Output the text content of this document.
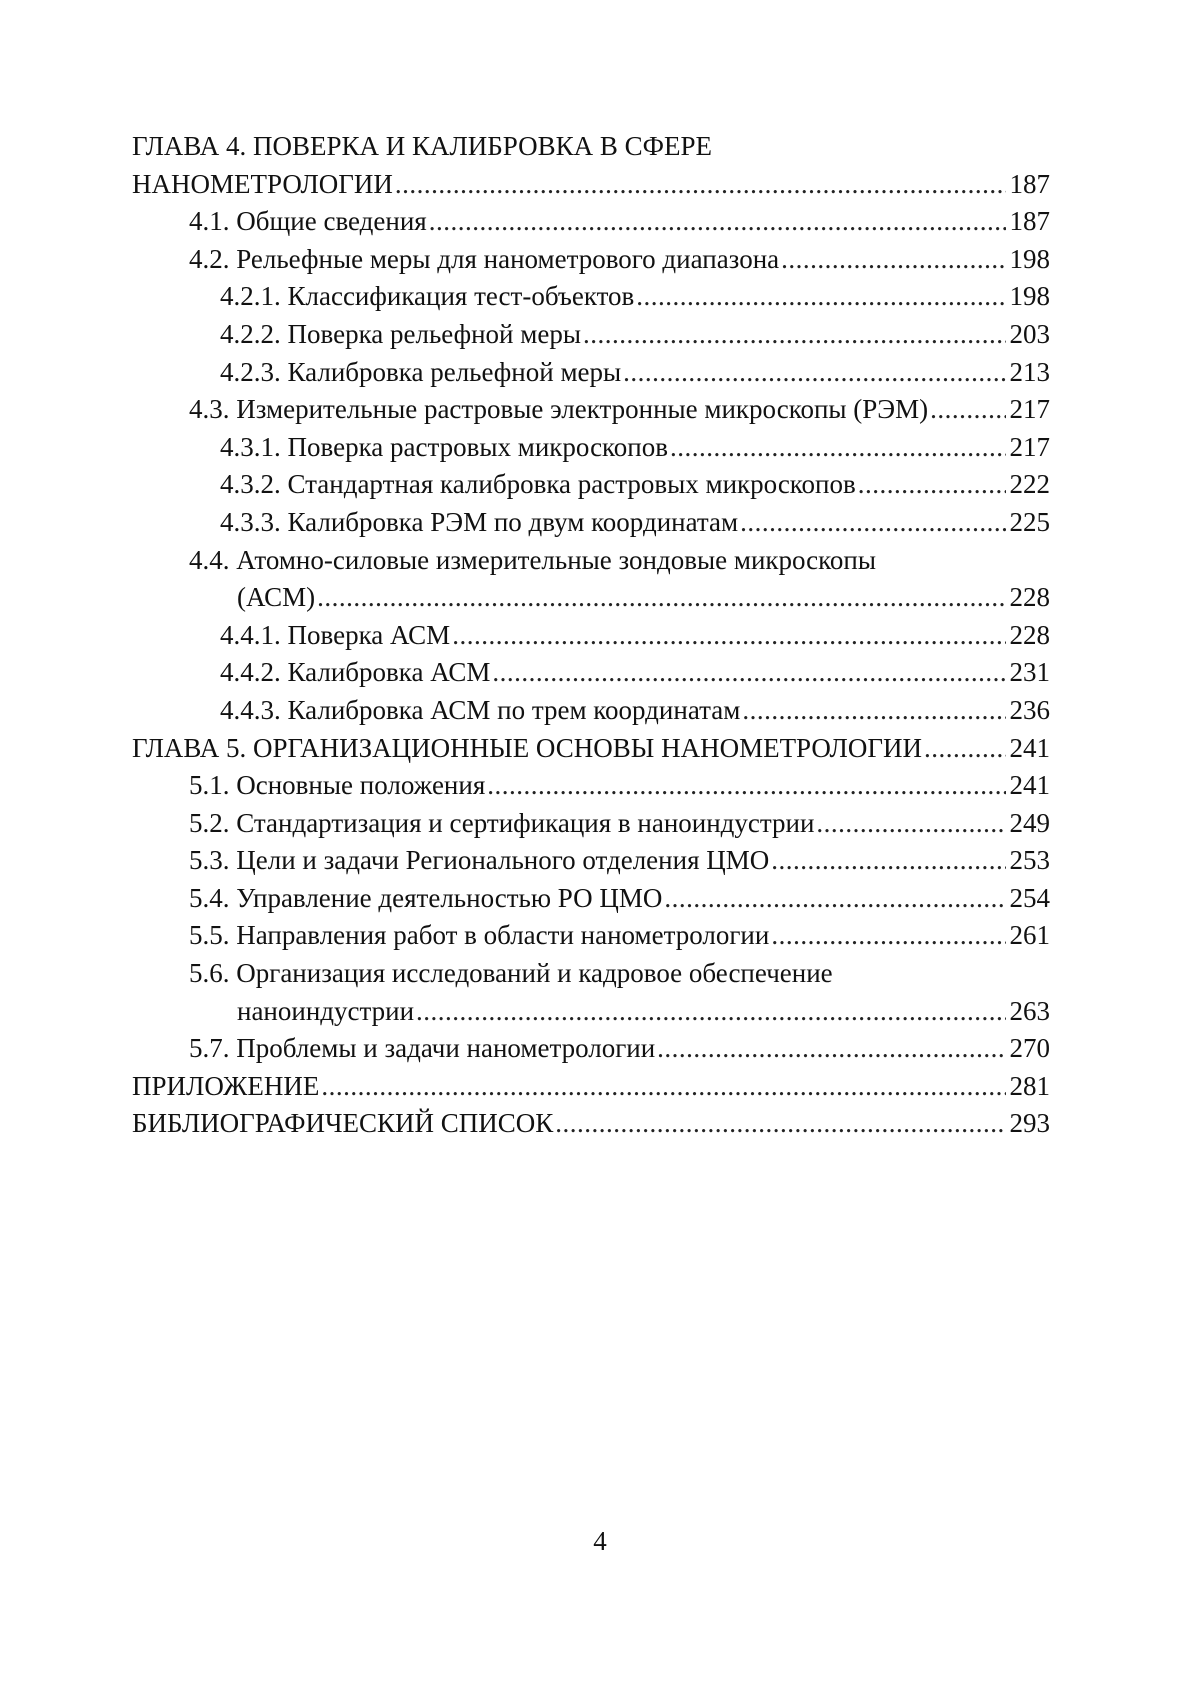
ГЛАВА 4. ПОВЕРКА И КАЛИБРОВКА В СФЕРЕ
НАНОМЕТРОЛОГИИ .....	187
4.1. Общие сведения .....	187
4.2. Рельефные меры для нанометрового диапазона .....	198
4.2.1. Классификация тест-объектов .....	198
4.2.2. Поверка рельефной меры .....	203
4.2.3. Калибровка рельефной меры .....	213
4.3. Измерительные растровые электронные микроскопы (РЭМ) .....	217
4.3.1. Поверка растровых микроскопов .....	217
4.3.2. Стандартная калибровка растровых микроскопов .....	222
4.3.3. Калибровка РЭМ по двум координатам .....	225
4.4. Атомно-силовые измерительные зондовые микроскопы
(АСМ) .....	228
4.4.1. Поверка АСМ .....	228
4.4.2. Калибровка АСМ .....	231
4.4.3. Калибровка АСМ по трем координатам .....	236
ГЛАВА 5. ОРГАНИЗАЦИОННЫЕ ОСНОВЫ НАНОМЕТРОЛОГИИ .....	241
5.1. Основные положения .....	241
5.2. Стандартизация и сертификация в наноиндустрии .....	249
5.3. Цели и задачи Регионального отделения ЦМО .....	253
5.4. Управление деятельностью РО ЦМО .....	254
5.5. Направления работ в области нанометрологии .....	261
5.6. Организация исследований и кадровое обеспечение
наноиндустрии .....	263
5.7. Проблемы и задачи нанометрологии .....	270
ПРИЛОЖЕНИЕ .....	281
БИБЛИОГРАФИЧЕСКИЙ СПИСОК .....	293
4
